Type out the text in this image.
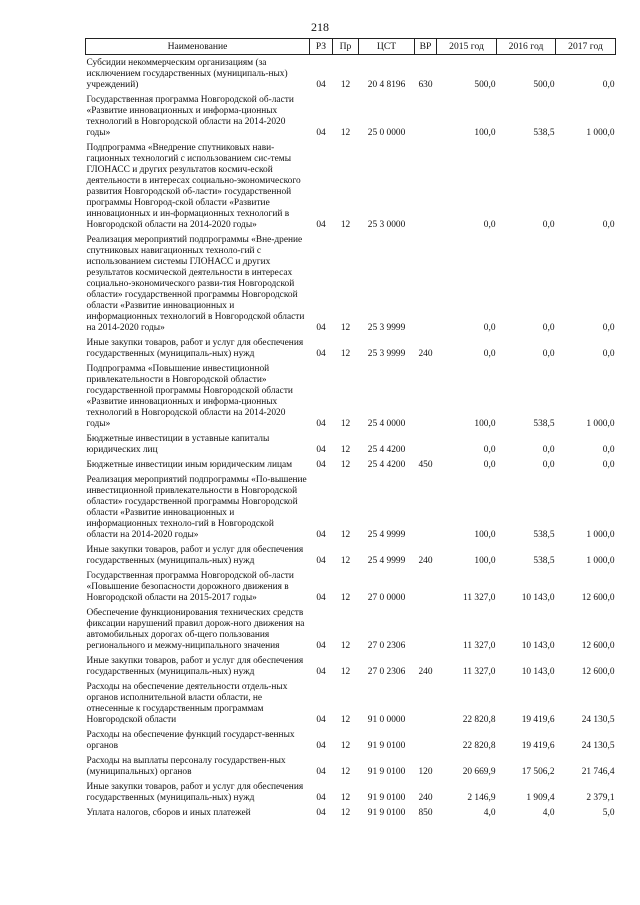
218
Наименование	РЗ	Пр	ЦСТ	ВР	2015 год	2016 год	2017 год
Субсидии некоммерческим организациям (за исключением государственных (муниципаль-ных) учреждений)	04	12	20 4 8196	630	500,0	500,0	0,0
Государственная программа Новгородской об-ласти «Развитие инновационных и информа-ционных технологий в Новгородской области на 2014-2020 годы»	04	12	25 0 0000		100,0	538,5	1 000,0
Подпрограмма «Внедрение спутниковых нави-гационных технологий с использованием сис-темы ГЛОНАСС и других результатов космич-еской деятельности в интересах социально-экономического развития Новгородской об-ласти» государственной программы Новгород-ской области «Развитие инновационных и ин-формационных технологий в Новгородской области на 2014-2020 годы»	04	12	25 3 0000		0,0	0,0	0,0
Реализация мероприятий подпрограммы «Вне-дрение спутниковых навигационных техноло-гий с использованием системы ГЛОНАСС и других результатов космической деятельности в интересах социально-экономического разви-тия Новгородской области» государственной программы Новгородской области «Развитие инновационных и информационных технологий в Новгородской области на 2014-2020 годы»	04	12	25 3 9999		0,0	0,0	0,0
Иные закупки товаров, работ и услуг для обеспечения государственных (муниципаль-ных) нужд	04	12	25 3 9999	240	0,0	0,0	0,0
Подпрограмма «Повышение инвестиционной привлекательности в Новгородской области» государственной программы Новгородской области «Развитие инновационных и информа-ционных технологий в Новгородской области на 2014-2020 годы»	04	12	25 4 0000		100,0	538,5	1 000,0
Бюджетные инвестиции в уставные капиталы юридических лиц	04	12	25 4 4200		0,0	0,0	0,0
Бюджетные инвестиции иным юридическим лицам	04	12	25 4 4200	450	0,0	0,0	0,0
Реализация мероприятий подпрограммы «По-вышение инвестиционной привлекательности в Новгородской области» государственной программы Новгородской области «Развитие инновационных и информационных техноло-гий в Новгородской области на 2014-2020 годы»	04	12	25 4 9999		100,0	538,5	1 000,0
Иные закупки товаров, работ и услуг для обеспечения государственных (муниципаль-ных) нужд	04	12	25 4 9999	240	100,0	538,5	1 000,0
Государственная программа Новгородской об-ласти «Повышение безопасности дорожного движения в Новгородской области на 2015-2017 годы»	04	12	27 0 0000		11 327,0	10 143,0	12 600,0
Обеспечение функционирования технических средств фиксации нарушений правил дорож-ного движения на автомобильных дорогах об-щего пользования регионального и межму-ниципального значения	04	12	27 0 2306		11 327,0	10 143,0	12 600,0
Иные закупки товаров, работ и услуг для обеспечения государственных (муниципаль-ных) нужд	04	12	27 0 2306	240	11 327,0	10 143,0	12 600,0
Расходы на обеспечение деятельности отдель-ных органов исполнительной власти области, не отнесенные к государственным программам Новгородской области	04	12	91 0 0000		22 820,8	19 419,6	24 130,5
Расходы на обеспечение функций государст-венных органов	04	12	91 9 0100		22 820,8	19 419,6	24 130,5
Расходы на выплаты персоналу государствен-ных (муниципальных) органов	04	12	91 9 0100	120	20 669,9	17 506,2	21 746,4
Иные закупки товаров, работ и услуг для обеспечения государственных (муниципаль-ных) нужд	04	12	91 9 0100	240	2 146,9	1 909,4	2 379,1
Уплата налогов, сборов и иных платежей	04	12	91 9 0100	850	4,0	4,0	5,0
